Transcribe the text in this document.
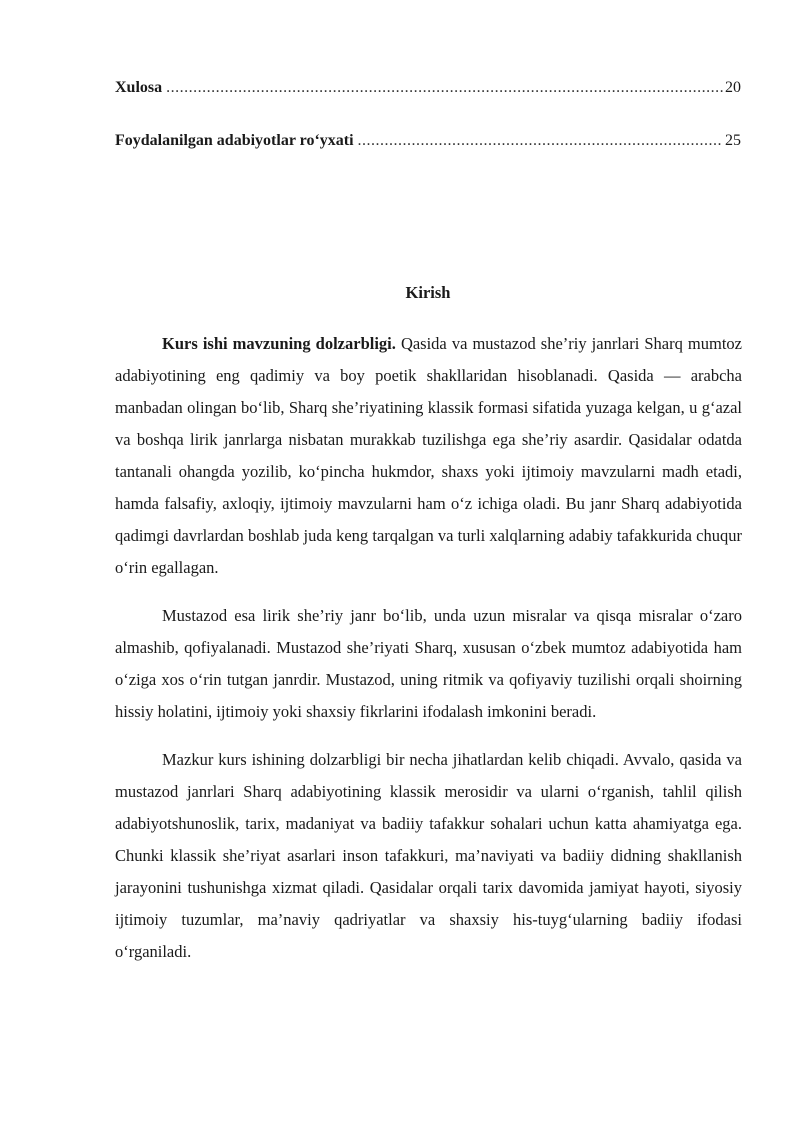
Xulosa .....	20
Foydalanilgan adabiyotlar ro‘yxati .....	25
Kirish

Kurs ishi mavzuning dolzarbligi. Qasida va mustazod she’riy janrlari Sharq mumtoz adabiyotining eng qadimiy va boy poetik shakllaridan hisoblanadi. Qasida — arabcha manbadan olingan bo‘lib, Sharq she’riyatining klassik formasi sifatida yuzaga kelgan, u g‘azal va boshqa lirik janrlarga nisbatan murakkab tuzilishga ega she’riy asardir. Qasidalar odatda tantanali ohangda yozilib, ko‘pincha hukmdor, shaxs yoki ijtimoiy mavzularni madh etadi, hamda falsafiy, axloqiy, ijtimoiy mavzularni ham o‘z ichiga oladi. Bu janr Sharq adabiyotida qadimgi davrlardan boshlab juda keng tarqalgan va turli xalqlarning adabiy tafakkurida chuqur o‘rin egallagan.

Mustazod esa lirik she’riy janr bo‘lib, unda uzun misralar va qisqa misralar o‘zaro almashib, qofiyalanadi. Mustazod she’riyati Sharq, xususan o‘zbek mumtoz adabiyotida ham o‘ziga xos o‘rin tutgan janrdir. Mustazod, uning ritmik va qofiyaviy tuzilishi orqali shoirning hissiy holatini, ijtimoiy yoki shaxsiy fikrlarini ifodalash imkonini beradi.

Mazkur kurs ishining dolzarbligi bir necha jihatlardan kelib chiqadi. Avvalo, qasida va mustazod janrlari Sharq adabiyotining klassik merosidir va ularni o‘rganish, tahlil qilish adabiyotshunoslik, tarix, madaniyat va badiiy tafakkur sohalari uchun katta ahamiyatga ega. Chunki klassik she’riyat asarlari inson tafakkuri, ma’naviyati va badiiy didning shakllanish jarayonini tushunishga xizmat qiladi. Qasidalar orqali tarix davomida jamiyat hayoti, siyosiy ijtimoiy tuzumlar, ma’naviy qadriyatlar va shaxsiy his-tuyg‘ularning badiiy ifodasi o‘rganiladi.
